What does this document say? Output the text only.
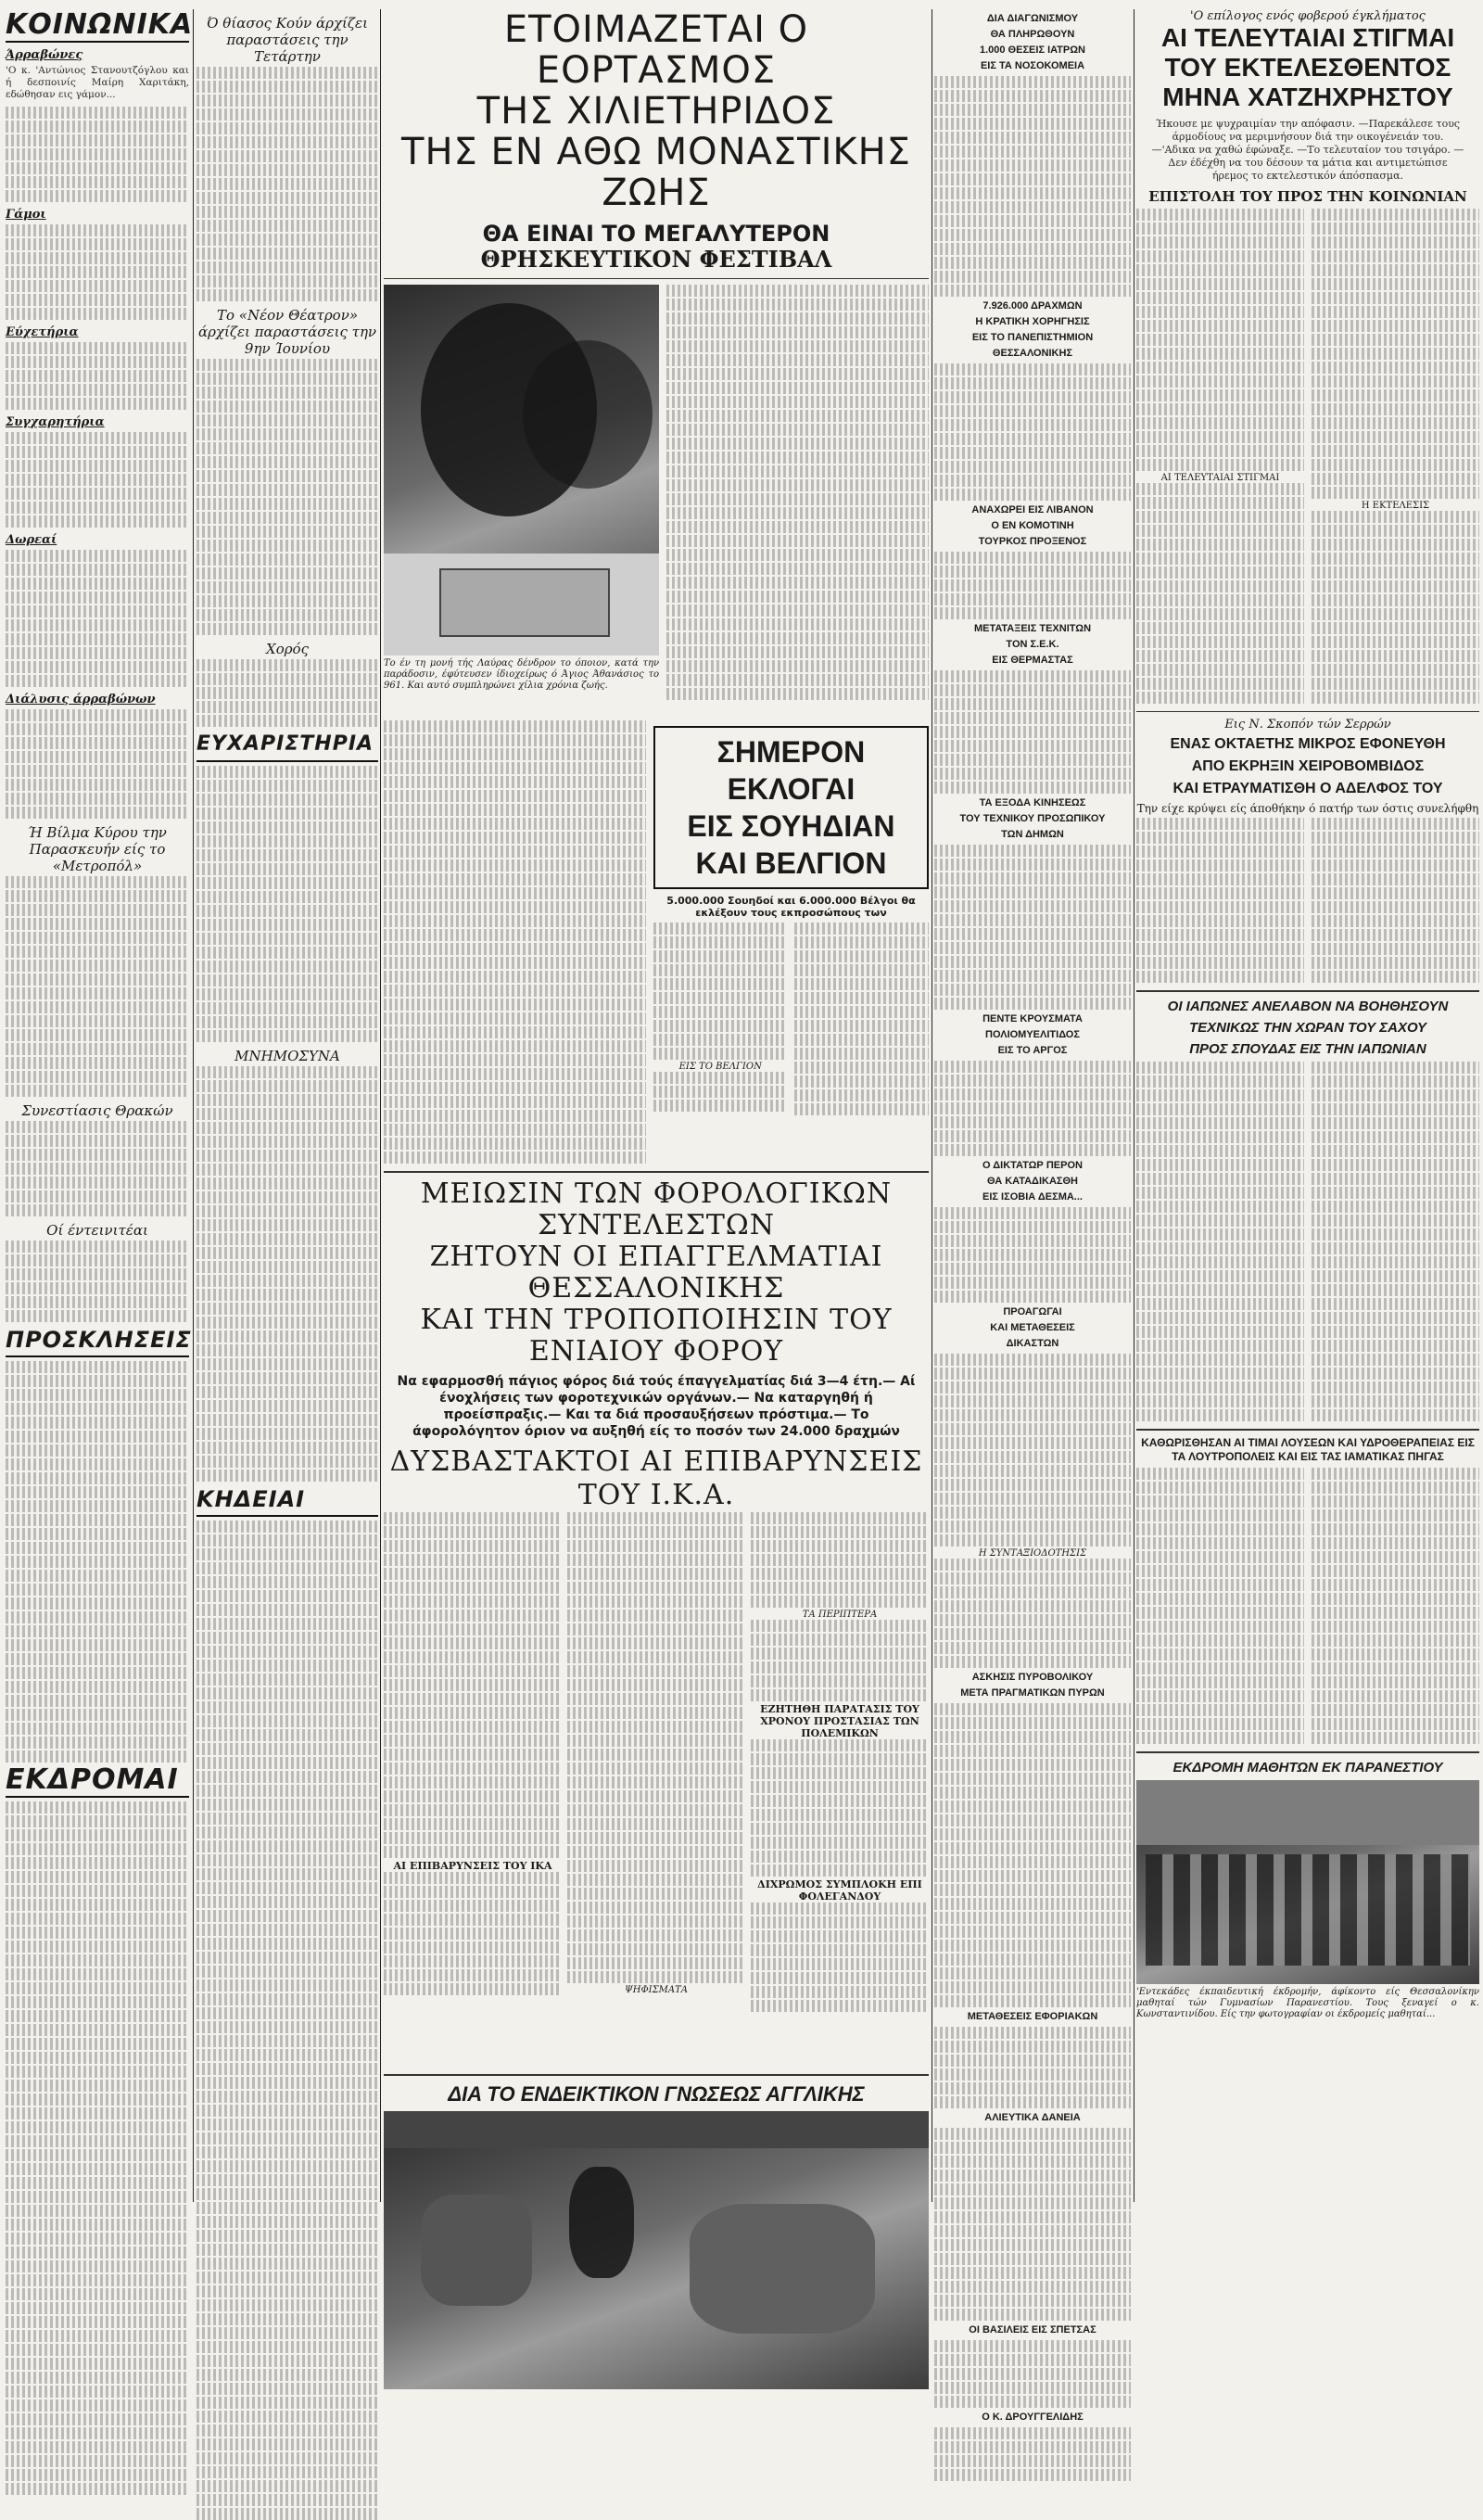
ΚΟΙΝΩΝΙΚΑ
Άρραβώνες

'Ο κ. 'Αντώνιος Στανουτζόγλου και ή δεσποινίς Μαίρη Χαριτάκη, εδώθησαν εις γάμον...

Γάμοι
Εύχετήρια
Συγχαρητήρια
Δωρεαί
Διάλυσις άρραβώνων
Ή Βίλμα Κύρου την Παρασκευήν είς το «Μετροπόλ»
Συνεστίασις Θρακών
Οί έντεινιτέαι
ΠΡΟΣΚΛΗΣΕΙΣ
ΕΚΔΡΟΜΑΙ
Ό θίασος Κούν άρχίζει παραστάσεις την Τετάρτην
Το «Νέον Θέατρον» άρχίζει παραστάσεις την 9ην Ίουνίου
Χορός
ΕΥΧΑΡΙΣΤΗΡΙΑ
ΜΝΗΜΟΣΥΝΑ
ΚΗΔΕΙΑΙ
ΕΤΟΙΜΑΖΕΤΑΙ Ο ΕΟΡΤΑΣΜΟΣ
ΤΗΣ ΧΙΛΙΕΤΗΡΙΔΟΣ
ΤΗΣ ΕΝ ΑΘΩ ΜΟΝΑΣΤΙΚΗΣ ΖΩΗΣ
ΘΑ ΕΙΝΑΙ ΤΟ ΜΕΓΑΛΥΤΕΡΟΝ
ΘΡΗΣΚΕΥΤΙΚΟΝ ΦΕΣΤΙΒΑΛ

Το έν τη μονή τής Λαύρας δένδρον το όποιον, κατά την παράδοσιν, έφύτευσεν ίδιοχείρως ό Άγιος Άθανάσιος το 961. Και αυτό συμπληρώνει χίλια χρόνια ζωής.

ΣΗΜΕΡΟΝ ΕΚΛΟΓΑΙ
ΕΙΣ ΣΟΥΗΔΙΑΝ
ΚΑΙ ΒΕΛΓΙΟΝ
5.000.000 Σουηδοί και 6.000.000 Βέλγοι θα εκλέξουν τους εκπροσώπους των
ΕΙΣ ΤΟ ΒΕΛΓΙΟΝ
ΜΕΙΩΣΙΝ ΤΩΝ ΦΟΡΟΛΟΓΙΚΩΝ ΣΥΝΤΕΛΕΣΤΩΝ
ΖΗΤΟΥΝ ΟΙ ΕΠΑΓΓΕΛΜΑΤΙΑΙ ΘΕΣΣΑΛΟΝΙΚΗΣ
ΚΑΙ ΤΗΝ ΤΡΟΠΟΠΟΙΗΣΙΝ ΤΟΥ ΕΝΙΑΙΟΥ ΦΟΡΟΥ
Να εφαρμοσθή πάγιος φόρος διά τούς έπαγγελματίας διά 3—4 έτη.— Αί ένοχλήσεις των φοροτεχνικών οργάνων.— Να καταργηθή ή προείσπραξις.— Και τα διά προσαυξήσεων πρόστιμα.— Το άφορολόγητον όριον να αυξηθή είς το ποσόν των 24.000 δραχμών
ΔΥΣΒΑΣΤΑΚΤΟΙ ΑΙ ΕΠΙΒΑΡΥΝΣΕΙΣ ΤΟΥ Ι.Κ.Α.
ΑΙ ΕΠΙΒΑΡΥΝΣΕΙΣ ΤΟΥ ΙΚΑ
ΨΗΦΙΣΜΑΤΑ
ΤΑ ΠΕΡΙΠΤΕΡΑ
ΕΖΗΤΗΘΗ ΠΑΡΑΤΑΣΙΣ ΤΟΥ ΧΡΟΝΟΥ ΠΡΟΣΤΑΣΙΑΣ ΤΩΝ ΠΟΛΕΜΙΚΩΝ
ΔΙΧΡΩΜΟΣ ΣΥΜΠΛΟΚΗ ΕΠΙ ΦΟΛΕΓΑΝΔΟΥ
ΔΙΑ ΤΟ ΕΝΔΕΙΚΤΙΚΟΝ ΓΝΩΣΕΩΣ ΑΓΓΛΙΚΗΣ
ΔΙΑ ΔΙΑΓΩΝΙΣΜΟΥ
ΘΑ ΠΛΗΡΩΘΟΥΝ
1.000 ΘΕΣΕΙΣ ΙΑΤΡΩΝ
ΕΙΣ ΤΑ ΝΟΣΟΚΟΜΕΙΑ
7.926.000 ΔΡΑΧΜΩΝ
Η ΚΡΑΤΙΚΗ ΧΟΡΗΓΗΣΙΣ
ΕΙΣ ΤΟ ΠΑΝΕΠΙΣΤΗΜΙΟΝ
ΘΕΣΣΑΛΟΝΙΚΗΣ
ΑΝΑΧΩΡΕΙ ΕΙΣ ΛΙΒΑΝΟΝ
Ο ΕΝ ΚΟΜΟΤΙΝΗ
ΤΟΥΡΚΟΣ ΠΡΟΞΕΝΟΣ
ΜΕΤΑΤΑΞΕΙΣ ΤΕΧΝΙΤΩΝ
ΤΟΝ Σ.Ε.Κ.
ΕΙΣ ΘΕΡΜΑΣΤΑΣ
ΤΑ ΕΞΟΔΑ ΚΙΝΗΣΕΩΣ
ΤΟΥ ΤΕΧΝΙΚΟΥ ΠΡΟΣΩΠΙΚΟΥ
ΤΩΝ ΔΗΜΩΝ
ΠΕΝΤΕ ΚΡΟΥΣΜΑΤΑ
ΠΟΛΙΟΜΥΕΛΙΤΙΔΟΣ
ΕΙΣ ΤΟ ΑΡΓΟΣ
Ο ΔΙΚΤΑΤΩΡ ΠΕΡΟΝ
ΘΑ ΚΑΤΑΔΙΚΑΣΘΗ
ΕΙΣ ΙΣΟΒΙΑ ΔΕΣΜΑ...
ΠΡΟΑΓΩΓΑΙ
ΚΑΙ ΜΕΤΑΘΕΣΕΙΣ
ΔΙΚΑΣΤΩΝ
Η ΣΥΝΤΑΞΙΟΔΟΤΗΣΙΣ
ΑΣΚΗΣΙΣ ΠΥΡΟΒΟΛΙΚΟΥ
ΜΕΤΑ ΠΡΑΓΜΑΤΙΚΩΝ ΠΥΡΩΝ
ΜΕΤΑΘΕΣΕΙΣ ΕΦΟΡΙΑΚΩΝ
ΑΛΙΕΥΤΙΚΑ ΔΑΝΕΙΑ
ΟΙ ΒΑΣΙΛΕΙΣ ΕΙΣ ΣΠΕΤΣΑΣ
Ο Κ. ΔΡΟΥΓΓΕΛΙΔΗΣ
'Ο επίλογος ενός φοβερού έγκλήματος
ΑΙ ΤΕΛΕΥΤΑΙΑΙ ΣΤΙΓΜΑΙ
ΤΟΥ ΕΚΤΕΛΕΣΘΕΝΤΟΣ
ΜΗΝΑ ΧΑΤΖΗΧΡΗΣΤΟΥ

Ήκουσε με ψυχραιμίαν την απόφασιν. —Παρεκάλεσε τους άρμοδίους να μεριμνήσουν διά την οικογένειάν του. —'Αδικα να χαθώ έφώναξε. —Το τελευταίον του τσιγάρο. —Δεν έδέχθη να του δέσουν τα μάτια και αντιμετώπισε ήρεμος το εκτελεστικόν άπόσπασμα.

ΕΠΙΣΤΟΛΗ ΤΟΥ ΠΡΟΣ ΤΗΝ ΚΟΙΝΩΝΙΑΝ
ΑΙ ΤΕΛΕΥΤΑΙΑΙ ΣΤΙΓΜΑΙ
Η ΕΚΤΕΛΕΣΙΣ
Εις Ν. Σκοπόν τών Σερρών
ΕΝΑΣ ΟΚΤΑΕΤΗΣ ΜΙΚΡΟΣ ΕΦΟΝΕΥΘΗ
ΑΠΟ ΕΚΡΗΞΙΝ ΧΕΙΡΟΒΟΜΒΙΔΟΣ
ΚΑΙ ΕΤΡΑΥΜΑΤΙΣΘΗ Ο ΑΔΕΛΦΟΣ ΤΟΥ
Την είχε κρύψει είς άποθήκην ό πατήρ των όστις συνελήφθη
ΟΙ ΙΑΠΩΝΕΣ ΑΝΕΛΑΒΟΝ ΝΑ ΒΟΗΘΗΣΟΥΝ
ΤΕΧΝΙΚΩΣ ΤΗΝ ΧΩΡΑΝ ΤΟΥ ΣΑΧΟΥ
ΠΡΟΣ ΣΠΟΥΔΑΣ ΕΙΣ ΤΗΝ ΙΑΠΩΝΙΑΝ
ΚΑΘΩΡΙΣΘΗΣΑΝ ΑΙ ΤΙΜΑΙ ΛΟΥΣΕΩΝ ΚΑΙ ΥΔΡΟΘΕΡΑΠΕΙΑΣ ΕΙΣ ΤΑ ΛΟΥΤΡΟΠΟΛΕΙΣ ΚΑΙ ΕΙΣ ΤΑΣ ΙΑΜΑΤΙΚΑΣ ΠΗΓΑΣ
ΕΚΔΡΟΜΗ ΜΑΘΗΤΩΝ ΕΚ ΠΑΡΑΝΕΣΤΙΟΥ

'Εντεκάδες έκπαιδευτική έκδρομήν, άφίκοντο είς Θεσσαλονίκην μαθηταί τών Γυμνασίων Παρανεστίου. Τους ξεναγεί ο κ. Κωνσταντινίδου. Είς την φωτογραφίαν οι έκδρομείς μαθηταί...
